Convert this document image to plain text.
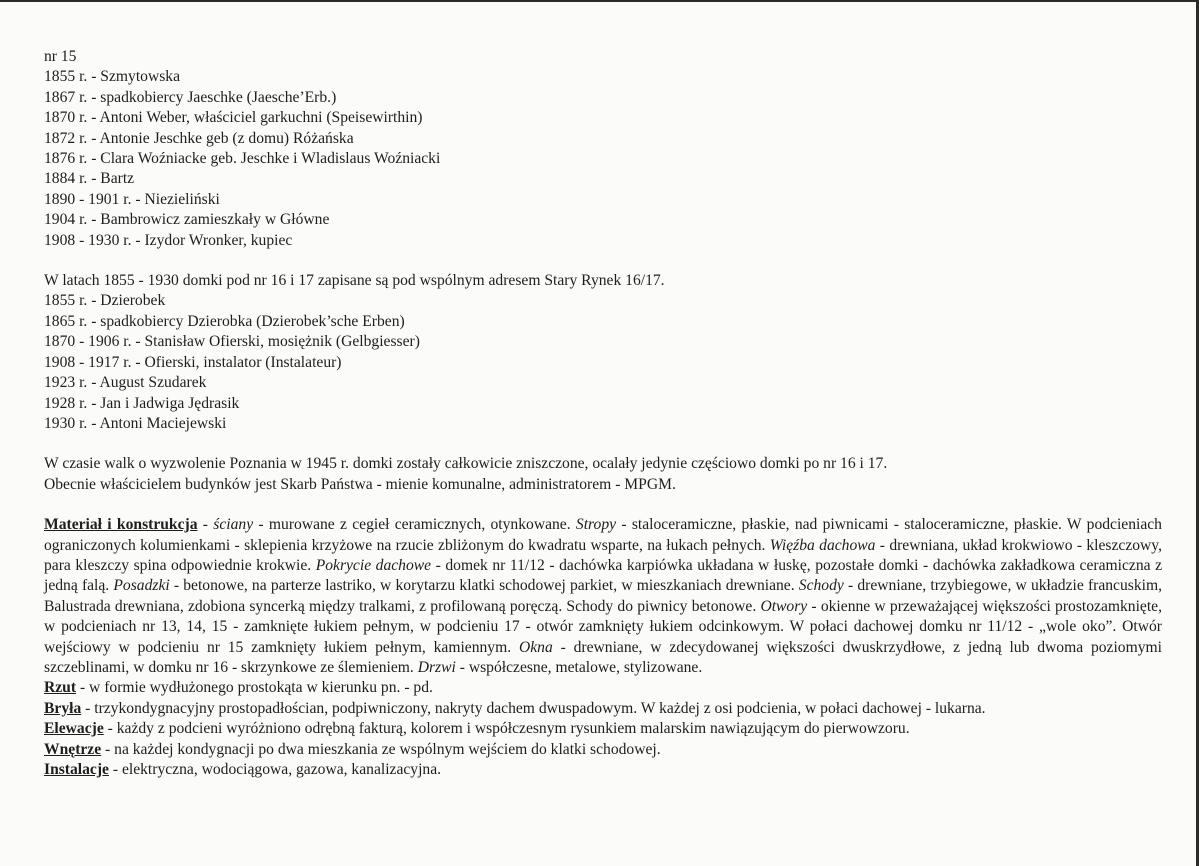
nr 15
1855 r. - Szmytowska
1867 r. - spadkobiercy Jaeschke (Jaesche’Erb.)
1870 r. - Antoni Weber, właściciel garkuchni (Speisewirthin)
1872 r. - Antonie Jeschke geb (z domu) Różańska
1876 r. - Clara Woźniacke geb. Jeschke i Wladislaus Woźniacki
1884 r. - Bartz
1890 - 1901 r. - Niezieliński
1904 r. - Bambrowicz zamieszkały w Główne
1908 - 1930 r. - Izydor Wronker, kupiec
W latach 1855 - 1930 domki pod nr 16 i 17 zapisane są pod wspólnym adresem Stary Rynek 16/17.
1855 r. - Dzierobek
1865 r. - spadkobiercy Dzierobka (Dzierobek’sche Erben)
1870 - 1906 r. - Stanisław Ofierski, mosiężnik (Gelbgiesser)
1908 - 1917 r. - Ofierski, instalator (Instalateur)
1923 r. - August Szudarek
1928 r. - Jan i Jadwiga Jędrasik
1930 r. - Antoni Maciejewski
W czasie walk o wyzwolenie Poznania w 1945 r. domki zostały całkowicie zniszczone, ocalały jedynie częściowo domki po nr 16 i 17.
Obecnie właścicielem budynków jest Skarb Państwa - mienie komunalne, administratorem - MPGM.

Materiał i konstrukcja - ściany - murowane z cegieł ceramicznych, otynkowane. Stropy - staloceramiczne, płaskie, nad piwnicami - staloceramiczne, płaskie. W podcieniach ograniczonych kolumienkami - sklepienia krzyżowe na rzucie zbliżonym do kwadratu wsparte, na łukach pełnych. Więźba dachowa - drewniana, układ krokwiowo - kleszczowy, para kleszczy spina odpowiednie krokwie. Pokrycie dachowe - domek nr 11/12 - dachówka karpiówka układana w łuskę, pozostałe domki - dachówka zakładkowa ceramiczna z jedną falą. Posadzki - betonowe, na parterze lastriko, w korytarzu klatki schodowej parkiet, w mieszkaniach drewniane. Schody - drewniane, trzybiegowe, w układzie francuskim, Balustrada drewniana, zdobiona syncerką między tralkami, z profilowaną poręczą. Schody do piwnicy betonowe. Otwory - okienne w przeważającej większości prostozamknięte, w podcieniach nr 13, 14, 15 - zamknięte łukiem pełnym, w podcieniu 17 - otwór zamknięty łukiem odcinkowym. W połaci dachowej domku nr 11/12 - „wole oko”. Otwór wejściowy w podcieniu nr 15 zamknięty łukiem pełnym, kamiennym. Okna - drewniane, w zdecydowanej większości dwuskrzydłowe, z jedną lub dwoma poziomymi szczeblinami, w domku nr 16 - skrzynkowe ze ślemieniem. Drzwi - współczesne, metalowe, stylizowane.

Rzut - w formie wydłużonego prostokąta w kierunku pn. - pd.
Bryła - trzykondygnacyjny prostopadłościan, podpiwniczony, nakryty dachem dwuspadowym. W każdej z osi podcienia, w połaci dachowej - lukarna.
Elewacje - każdy z podcieni wyróżniono odrębną fakturą, kolorem i współczesnym rysunkiem malarskim nawiązującym do pierwowzoru.
Wnętrze - na każdej kondygnacji po dwa mieszkania ze wspólnym wejściem do klatki schodowej.
Instalacje - elektryczna, wodociągowa, gazowa, kanalizacyjna.
